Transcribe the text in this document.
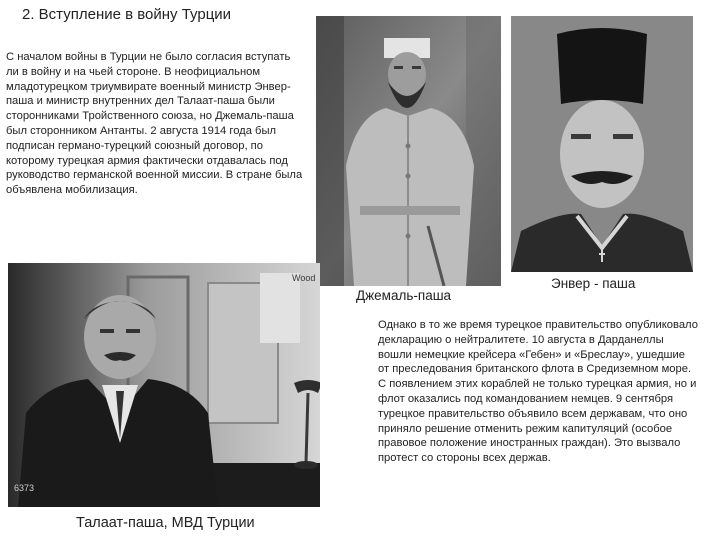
2. Вступление в войну Турции
С началом войны в Турции не было согласия вступать ли в войну и на чьей стороне. В неофициальном младотурецком триумвирате военный министр Энвер-паша и министр внутренних дел Талаат-паша были сторонниками Тройственного союза, но Джемаль-паша был сторонником Антанты. 2 августа 1914 года был подписан германо-турецкий союзный договор, по которому турецкая армия фактически отдавалась под руководство германской военной миссии. В стране была объявлена мобилизация.
Джемаль-паша
Энвер - паша
6373
Wood
Талаат-паша, МВД Турции
Однако в то же время турецкое правительство опубликовало декларацию о нейтралитете. 10 августа в Дарданеллы вошли немецкие крейсера «Гебен» и «Бреслау», ушедшие от преследования британского флота в Средиземном море. С появлением этих кораблей не только турецкая армия, но и флот оказались под командованием немцев. 9 сентября турецкое правительство объявило всем державам, что оно приняло решение отменить режим капитуляций (особое правовое положение иностранных граждан). Это вызвало протест со стороны всех держав.
